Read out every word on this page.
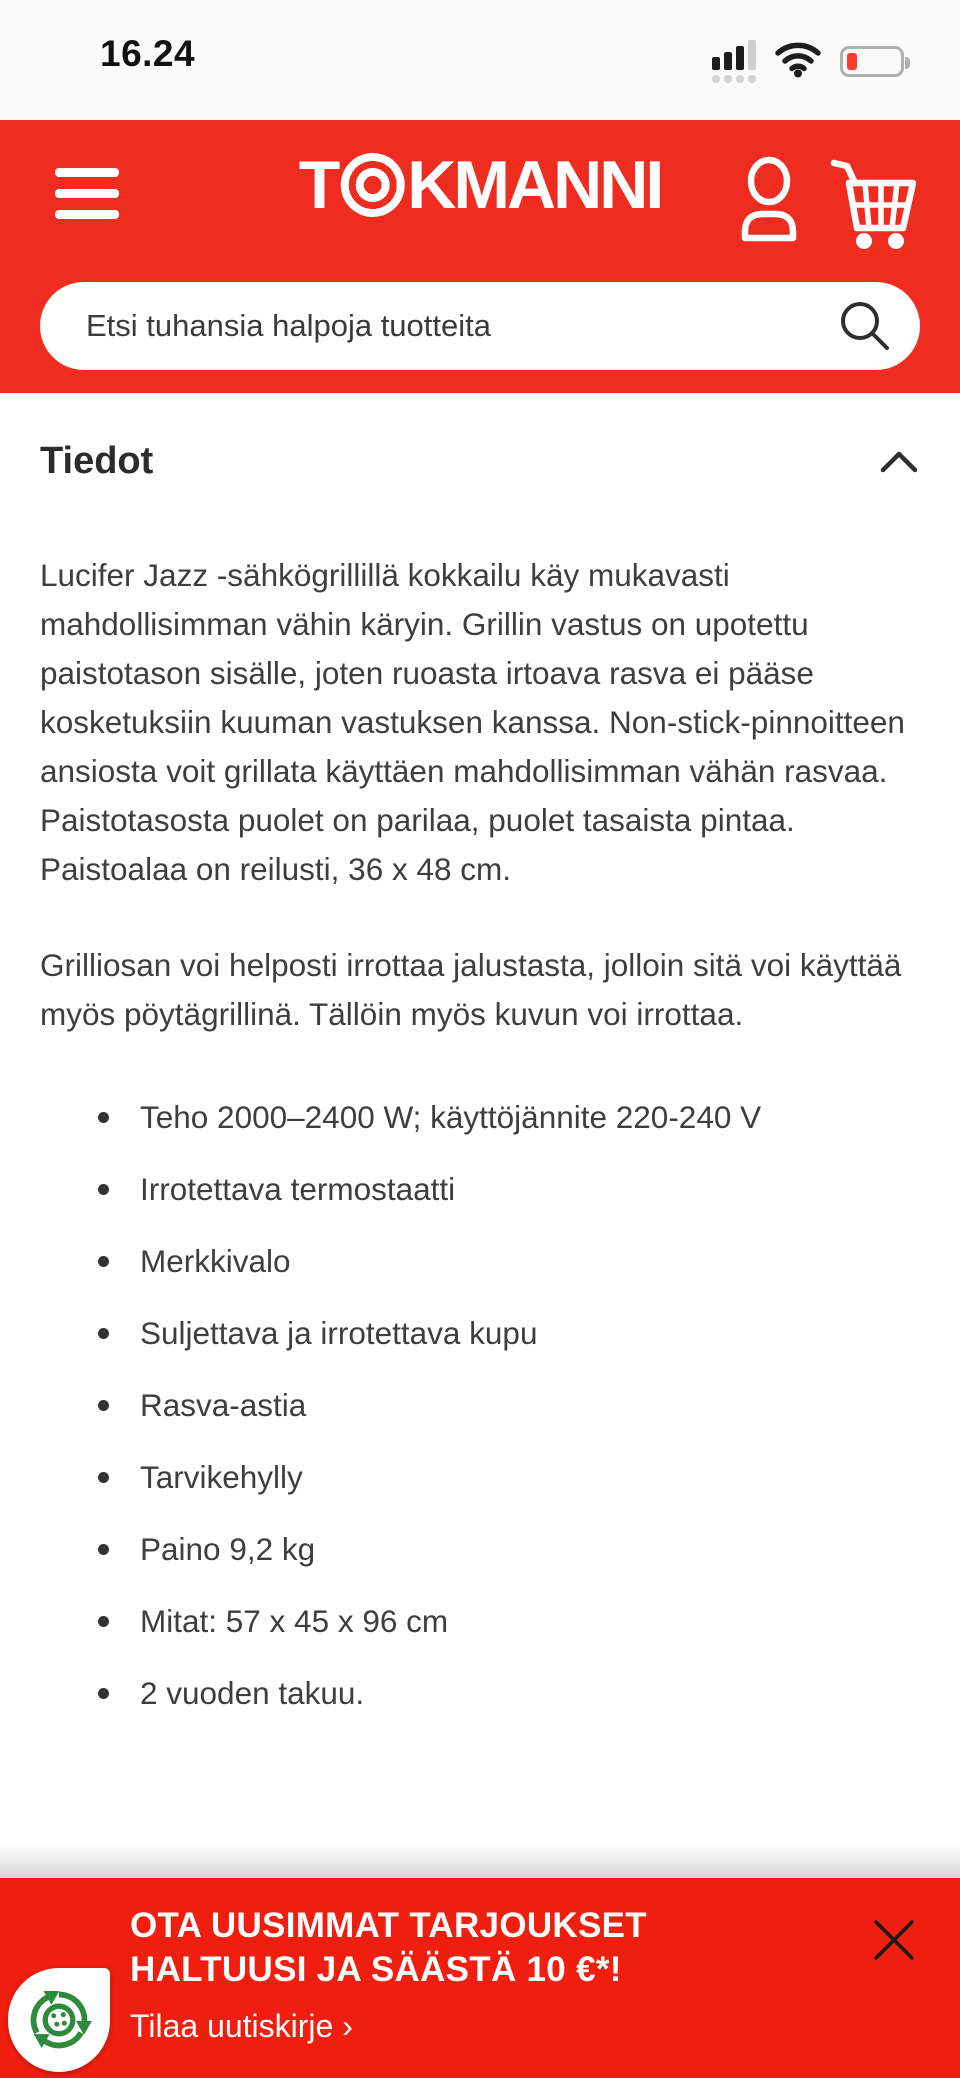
16.24
T KMANNI
Etsi tuhansia halpoja tuotteita
Tiedot

Lucifer Jazz -sähkögrillillä kokkailu käy mukavasti mahdollisimman vähin käryin. Grillin vastus on upotettu paistotason sisälle, joten ruoasta irtoava rasva ei pääse kosketuksiin kuuman vastuksen kanssa. Non-stick-pinnoitteen ansiosta voit grillata käyttäen mahdollisimman vähän rasvaa. Paistotasosta puolet on parilaa, puolet tasaista pintaa. Paistoalaa on reilusti, 36 x 48 cm.

Grilliosan voi helposti irrottaa jalustasta, jolloin sitä voi käyttää myös pöytägrillinä. Tällöin myös kuvun voi irrottaa.

Teho 2000–2400 W; käyttöjännite 220-240 V
Irrotettava termostaatti
Merkkivalo
Suljettava ja irrotettava kupu
Rasva-astia
Tarvikehylly
Paino 9,2 kg
Mitat: 57 x 45 x 96 cm
2 vuoden takuu.
OTA UUSIMMAT TARJOUKSET
HALTUUSI JA SÄÄSTÄ 10 €*!
Tilaa uutiskirje ›
